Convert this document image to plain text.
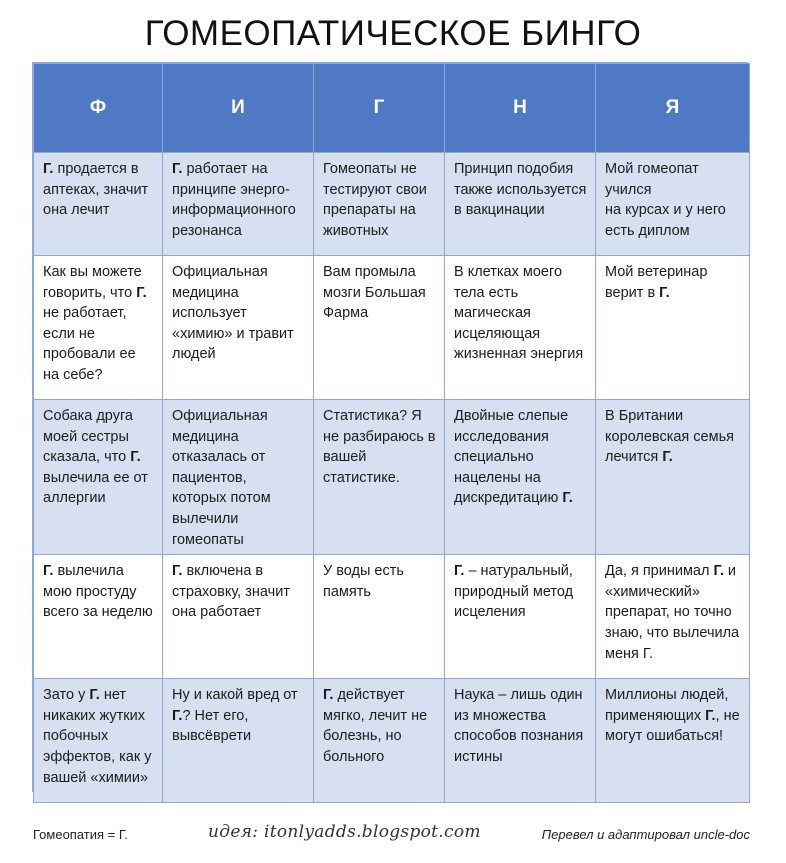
ГОМЕОПАТИЧЕСКОЕ БИНГО
Ф	И	Г	Н	Я
Г. продается в аптеках, значит она лечит	Г. работает на принципе энерго-информационного резонанса	Гомеопаты не тестируют свои препараты на животных	Принцип подобия также используется в вакцинации	Мой гомеопат
учился
на курсах и у него есть диплом
Как вы можете говорить, что Г. не работает, если не пробовали ее на себе?	Официальная медицина использует «химию» и травит людей	Вам промыла мозги Большая Фарма	В клетках моего тела есть магическая исцеляющая жизненная энергия	Мой ветеринар верит в Г.
Собака друга моей сестры сказала, что Г. вылечила ее от аллергии	Официальная медицина отказалась от пациентов, которых потом вылечили гомеопаты	Статистика? Я не разбираюсь в вашей статистике.	Двойные слепые исследования специально нацелены на дискредитацию Г.	В Британии королевская семья лечится Г.
Г. вылечила мою простуду всего за неделю	Г. включена в страховку, значит она работает	У воды есть память	Г. – натуральный, природный метод исцеления	Да, я принимал Г. и «химический» препарат, но точно знаю, что вылечила меня Г.
Зато у Г. нет никаких жутких побочных эффектов, как у вашей «химии»	Ну и какой вред от Г.? Нет его, вывсёврети	Г. действует мягко, лечит не болезнь, но больного	Наука – лишь один из множества способов познания истины	Миллионы людей, применяющих Г., не могут ошибаться!
Гомеопатия = Г.	идея: itonlyadds.blogspot.com	Перевел и адаптировал uncle-doc
